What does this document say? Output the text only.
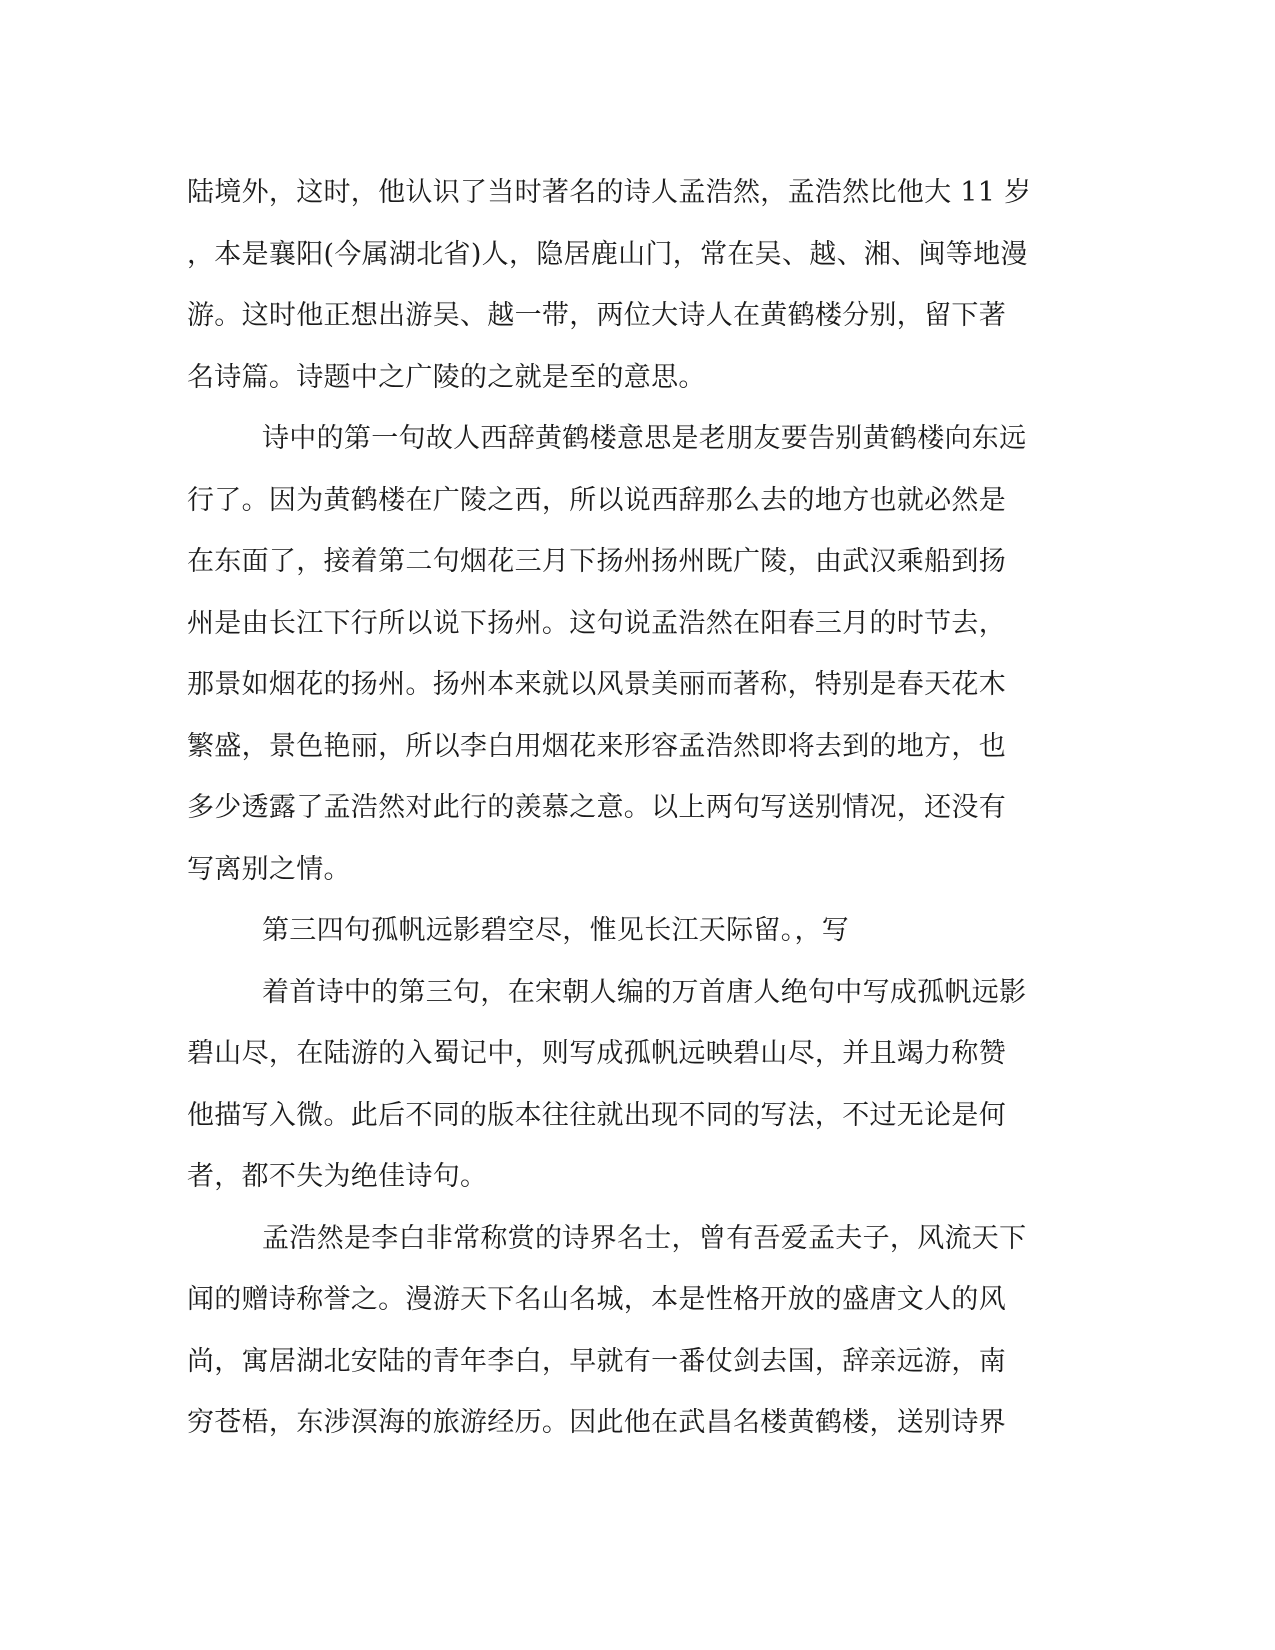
陆境外，这时，他认识了当时著名的诗人孟浩然，孟浩然比他大 11 岁
，本是襄阳(今属湖北省)人，隐居鹿山门，常在吴、越、湘、闽等地漫
游。这时他正想出游吴、越一带，两位大诗人在黄鹤楼分别，留下著
名诗篇。诗题中之广陵的之就是至的意思。
诗中的第一句故人西辞黄鹤楼意思是老朋友要告别黄鹤楼向东远
行了。因为黄鹤楼在广陵之西，所以说西辞那么去的地方也就必然是
在东面了，接着第二句烟花三月下扬州扬州既广陵，由武汉乘船到扬
州是由长江下行所以说下扬州。这句说孟浩然在阳春三月的时节去，
那景如烟花的扬州。扬州本来就以风景美丽而著称，特别是春天花木
繁盛，景色艳丽，所以李白用烟花来形容孟浩然即将去到的地方，也
多少透露了孟浩然对此行的羡慕之意。以上两句写送别情况，还没有
写离别之情。
第三四句孤帆远影碧空尽，惟见长江天际留。，写
着首诗中的第三句，在宋朝人编的万首唐人绝句中写成孤帆远影
碧山尽，在陆游的入蜀记中，则写成孤帆远映碧山尽，并且竭力称赞
他描写入微。此后不同的版本往往就出现不同的写法，不过无论是何
者，都不失为绝佳诗句。
孟浩然是李白非常称赏的诗界名士，曾有吾爱孟夫子，风流天下
闻的赠诗称誉之。漫游天下名山名城，本是性格开放的盛唐文人的风
尚，寓居湖北安陆的青年李白，早就有一番仗剑去国，辞亲远游，南
穷苍梧，东涉溟海的旅游经历。因此他在武昌名楼黄鹤楼，送别诗界
